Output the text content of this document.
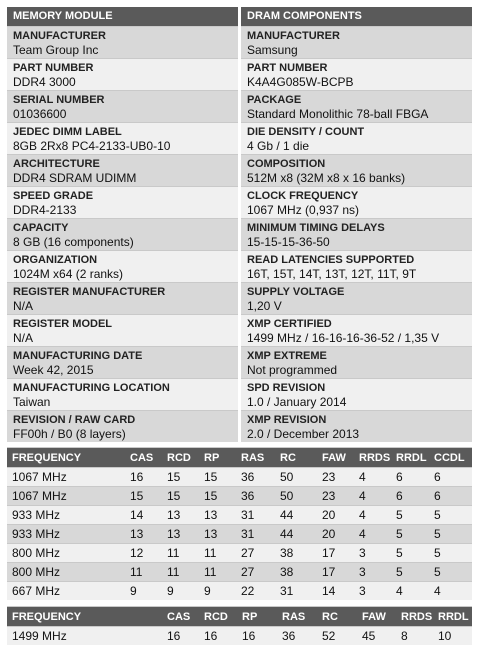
MEMORY MODULE
MANUFACTURER
Team Group Inc
PART NUMBER
DDR4 3000
SERIAL NUMBER
01036600
JEDEC DIMM LABEL
8GB 2Rx8 PC4-2133-UB0-10
ARCHITECTURE
DDR4 SDRAM UDIMM
SPEED GRADE
DDR4-2133
CAPACITY
8 GB (16 components)
ORGANIZATION
1024M x64 (2 ranks)
REGISTER MANUFACTURER
N/A
REGISTER MODEL
N/A
MANUFACTURING DATE
Week 42, 2015
MANUFACTURING LOCATION
Taiwan
REVISION / RAW CARD
FF00h / B0 (8 layers)
DRAM COMPONENTS
MANUFACTURER
Samsung
PART NUMBER
K4A4G085W-BCPB
PACKAGE
Standard Monolithic 78-ball FBGA
DIE DENSITY / COUNT
4 Gb / 1 die
COMPOSITION
512M x8 (32M x8 x 16 banks)
CLOCK FREQUENCY
1067 MHz (0,937 ns)
MINIMUM TIMING DELAYS
15-15-15-36-50
READ LATENCIES SUPPORTED
16T, 15T, 14T, 13T, 12T, 11T, 9T
SUPPLY VOLTAGE
1,20 V
XMP CERTIFIED
1499 MHz / 16-16-16-36-52 / 1,35 V
XMP EXTREME
Not programmed
SPD REVISION
1.0 / January 2014
XMP REVISION
2.0 / December 2013
FREQUENCY	CAS	RCD	RP	RAS	RC	FAW	RRDS	RRDL	CCDL
1067 MHz	16	15	15	36	50	23	4	6	6
1067 MHz	15	15	15	36	50	23	4	6	6
933 MHz	14	13	13	31	44	20	4	5	5
933 MHz	13	13	13	31	44	20	4	5	5
800 MHz	12	11	11	27	38	17	3	5	5
800 MHz	11	11	11	27	38	17	3	5	5
667 MHz	9	9	9	22	31	14	3	4	4
FREQUENCY	CAS	RCD	RP	RAS	RC	FAW	RRDS	RRDL
1499 MHz	16	16	16	36	52	45	8	10
